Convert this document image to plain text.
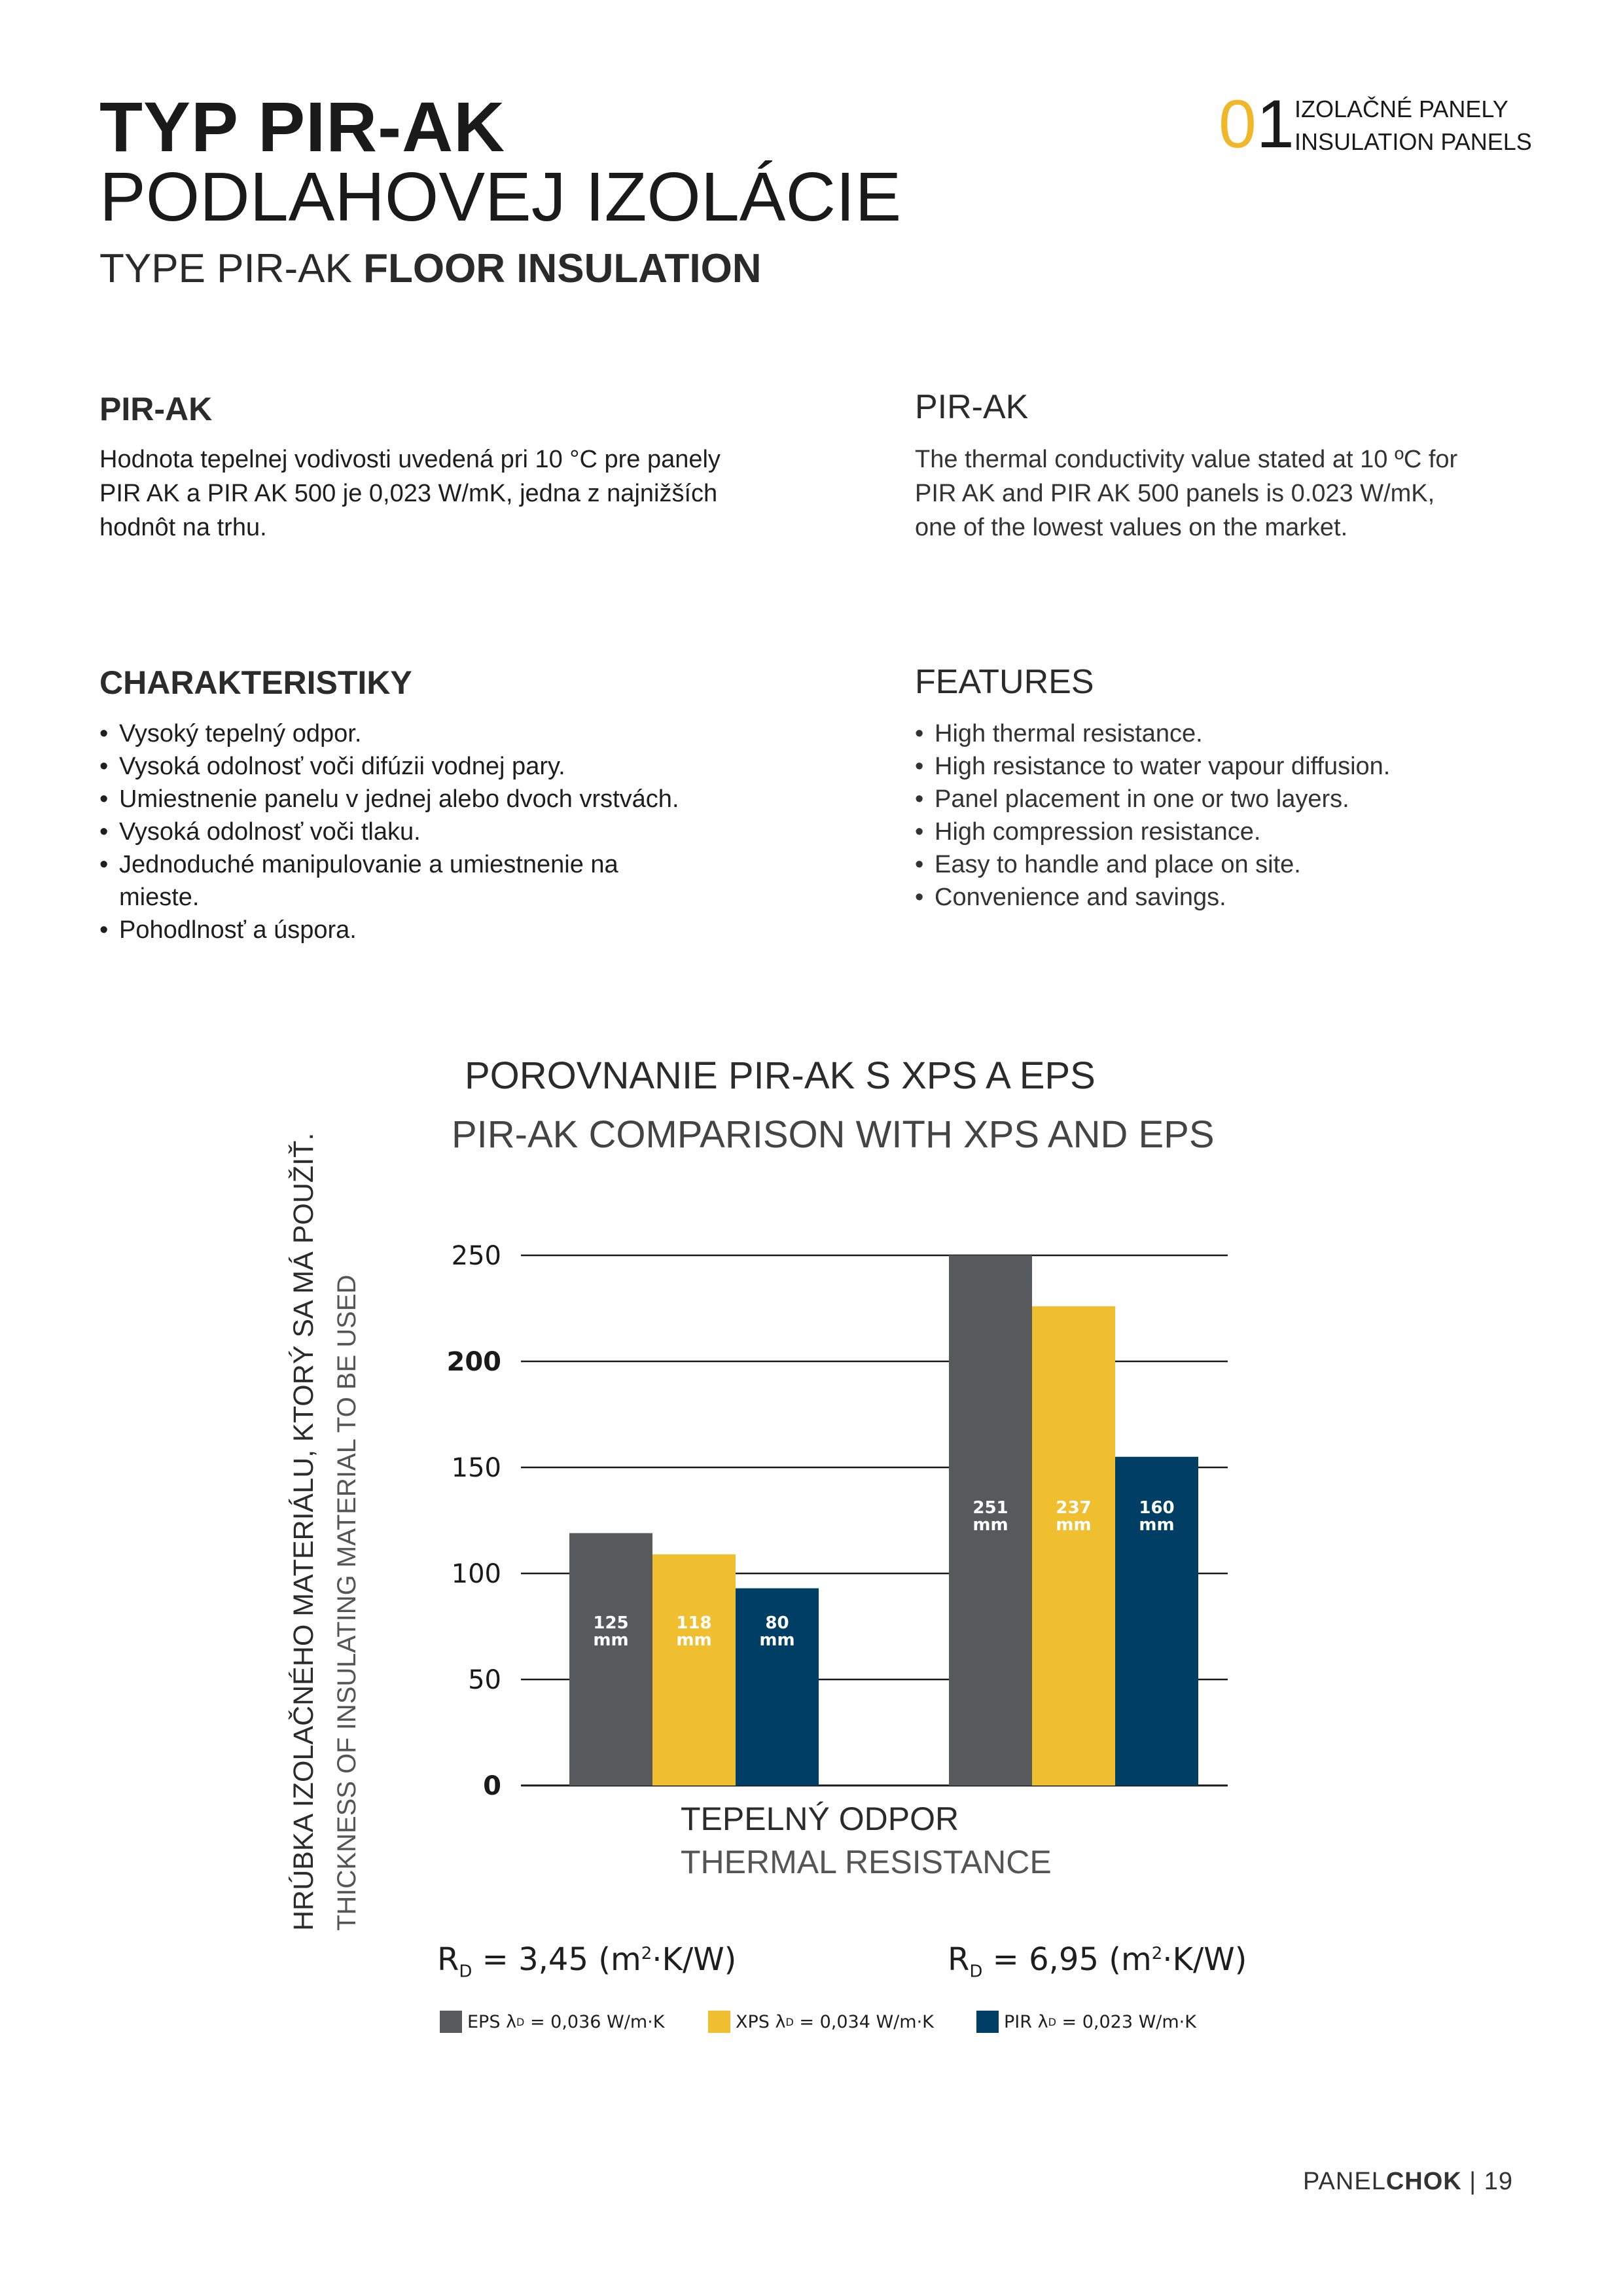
TYP PIR-AK
PODLAHOVEJ IZOLÁCIE
TYPE PIR-AK FLOOR INSULATION
01 IZOLAČNÉ PANELY
INSULATION PANELS
PIR-AK
Hodnota tepelnej vodivosti uvedená pri 10 °C pre panely
PIR AK a PIR AK 500 je 0,023 W/mK, jedna z najnižších
hodnôt na trhu.
PIR-AK
The thermal conductivity value stated at 10 ºC for
PIR AK and PIR AK 500 panels is 0.023 W/mK,
one of the lowest values on the market.
CHARAKTERISTIKY
• Vysoký tepelný odpor.
• Vysoká odolnosť voči difúzii vodnej pary.
• Umiestnenie panelu v jednej alebo dvoch vrstvách.
• Vysoká odolnosť voči tlaku.
• Jednoduché manipulovanie a umiestnenie na mieste.
• Pohodlnosť a úspora.
FEATURES
• High thermal resistance.
• High resistance to water vapour diffusion.
• Panel placement in one or two layers.
• High compression resistance.
• Easy to handle and place on site.
• Convenience and savings.
POROVNANIE PIR-AK S XPS A EPS
PIR-AK COMPARISON WITH XPS AND EPS
HRÚBKA IZOLAČNÉHO MATERIÁLU, KTORÝ SA MÁ POUŽIŤ. THICKNESS OF INSULATING MATERIAL TO BE USED	0
50
100
150
200
250
125
mm
118
mm
80
mm
251
mm
237
mm
160
mm
TEPELNÝ ODPOR
THERMAL RESISTANCE
$R_D = 3,45$ $(m^2\cdot K/W)$	$R_D = 6,95$ $(m^2\cdot K/W)$
EPS λ D
= 0,036 W/m·K	XPS λ D
= 0,034 W/m·K	PIR λ D
= 0,023 W/m·K
PANELCHOK | 19
